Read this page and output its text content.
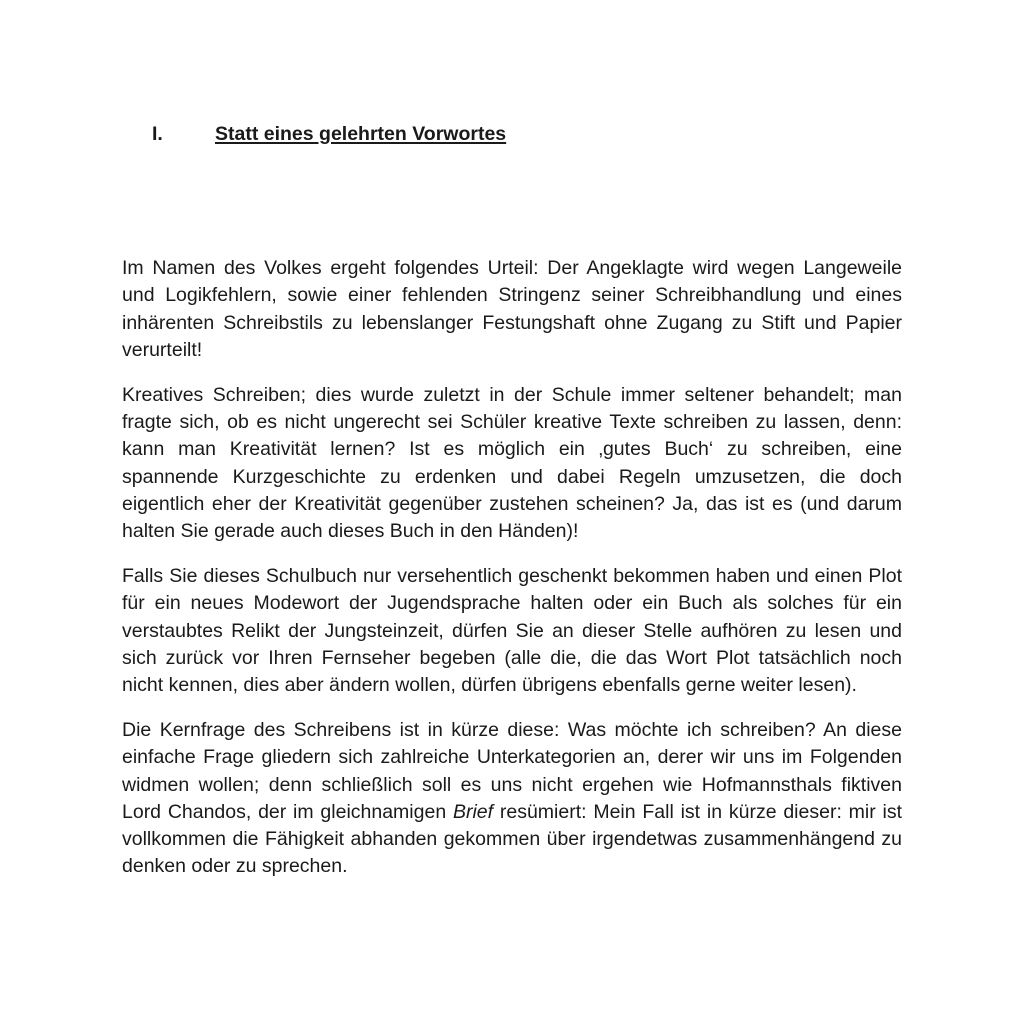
I.	Statt eines gelehrten Vorwortes

Im Namen des Volkes ergeht folgendes Urteil: Der Angeklagte wird wegen Langeweile und Logikfehlern, sowie einer fehlenden Stringenz seiner Schreibhandlung und eines inhärenten Schreibstils zu lebenslanger Festungshaft ohne Zugang zu Stift und Papier verurteilt!

Kreatives Schreiben; dies wurde zuletzt in der Schule immer seltener behandelt; man fragte sich, ob es nicht ungerecht sei Schüler kreative Texte schreiben zu lassen, denn: kann man Kreativität lernen? Ist es möglich ein ‚gutes Buch‘ zu schreiben, eine spannende Kurzgeschichte zu erdenken und dabei Regeln umzusetzen, die doch eigentlich eher der Kreativität gegenüber zustehen scheinen? Ja, das ist es (und darum halten Sie gerade auch dieses Buch in den Händen)!

Falls Sie dieses Schulbuch nur versehentlich geschenkt bekommen haben und einen Plot für ein neues Modewort der Jugendsprache halten oder ein Buch als solches für ein verstaubtes Relikt der Jungsteinzeit, dürfen Sie an dieser Stelle aufhören zu lesen und sich zurück vor Ihren Fernseher begeben (alle die, die das Wort Plot tatsächlich noch nicht kennen, dies aber ändern wollen, dürfen übrigens ebenfalls gerne weiter lesen).

Die Kernfrage des Schreibens ist in kürze diese: Was möchte ich schreiben? An diese einfache Frage gliedern sich zahlreiche Unterkategorien an, derer wir uns im Folgenden widmen wollen; denn schließlich soll es uns nicht ergehen wie Hofmannsthals fiktiven Lord Chandos, der im gleichnamigen Brief resümiert: Mein Fall ist in kürze dieser: mir ist vollkommen die Fähigkeit abhanden gekommen über irgendetwas zusammenhängend zu denken oder zu sprechen.
